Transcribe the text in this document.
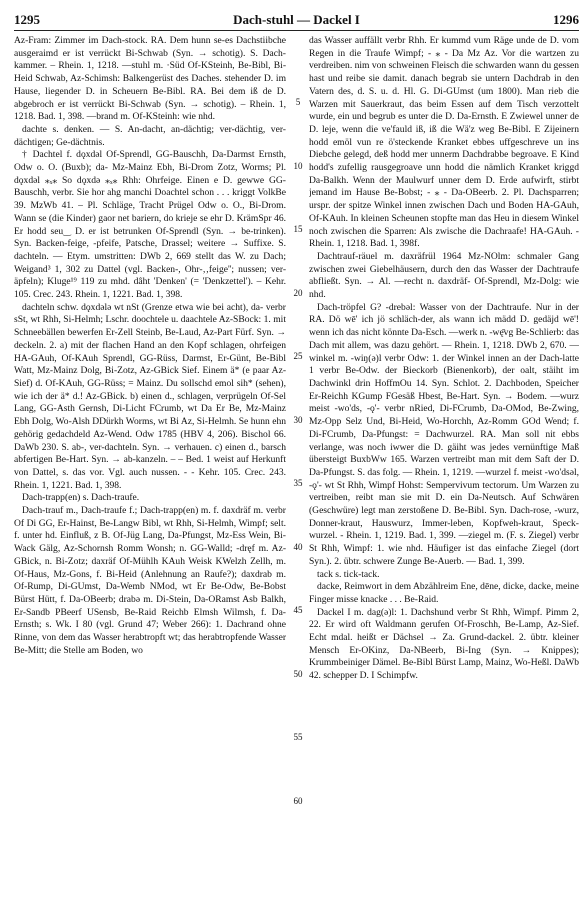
1295	Dach-stuhl — Dackel I	1296

Az-Fram: Zimmer im Dach-stock. RA. Dem hunn se-es Dachstiibche ausgeraimd er ist verrückt Bi-Schwab (Syn. → schotig). S. Dach-kammer. – Rhein. 1, 1218. —stuhl m. ·Süd Of-KSteinh, Be-Bibl, Bi-Heid Schwab, Az-Schimsh: Balkengerüst des Daches. stehender D. im Hause, liegender D. in Scheuern Be-Bibl. RA. Bei dem iß de D. abgebroch er ist verrückt Bi-Schwab (Syn. → schotig). – Rhein. 1, 1218. Bad. 1, 398. —brand m. Of-KSteinh: wie nhd.

dachte s. denken. — S. An-dacht, an-dächtig; ver-dächtig, ver-dächtigen; Ge-dächtnis.

† Dachtel f. dǫxdǝl Of-Sprendl, GG-Bauschh, Da-Darmst Ernsth, Odw o. O. (Buxb); da- Mz-Mainz Ebh, Bi-Drom Zotz, Worms; Pl. dǫxdǝl ⁎ₓ⁎ So dǫxdǝ ⁎ₓ⁎ Rhh: Ohrfeige. Einen e D. gewwe GG-Bauschh, verbr. Sie hor ahg manchi Doachtel schon . . . kriggt VolkBe 39. MzWb 41. – Pl. Schläge, Tracht Prügel Odw o. O., Bi-Drom. Wann se (die Kinder) gaor net bariern, do krieje se ehr D. KrämSpr 46. Er hodd seu‿ D. er ist betrunken Of-Sprendl (Syn. → be-trinken). Syn. Backen-feige, -pfeife, Patsche, Drassel; weitere → Suffixe. S. dachteln. — Etym. umstritten: DWb 2, 669 stellt das W. zu Dach; Weigand³ 1, 302 zu Dattel (vgl. Backen-, Ohr-‚‚feige''; nussen; ver-äpfeln); Kluge¹⁹ 119 zu mhd. dâht 'Denken' (= 'Denkzettel'). – Kehr. 105. Crec. 243. Rhein. 1, 1221. Bad. 1, 398.

dachteln schw. dǫxdǝlǝ wt nSt (Grenze etwa wie bei acht), da- verbr sSt, wt Rhh, Si-Helmh; Lschr. doochtele u. daachtele Az-SBock: 1. mit Schneebällen bewerfen Er-Zell Steinb, Be-Laud, Az-Part Fürf. Syn. → deckeln. 2. a) mit der flachen Hand an den Kopf schlagen, ohrfeigen HA-GAuh, Of-KAuh Sprendl, GG-Rüss, Darmst, Er-Günt, Be-Bibl Watt, Mz-Mainz Dolg, Bi-Zotz, Az-GBick Sief. Einem ä* (e paar Az-Sief) d. Of-KAuh, GG-Rüss; = Mainz. Du sollschd emol sih* (sehen), wie ich der ä* d.! Az-GBick. b) einen d., schlagen, verprügeln Of-Sel Lang, GG-Asth Gernsh, Di-Licht FCrumb, wt Da Er Be, Mz-Mainz Ebh Dolg, Wo-Alsh DDürkh Worms, wt Bi Az, Si-Helmh. Se hunn ehn gehörig gedachdeld Az-Wend. Odw 1785 (HBV 4, 206). Bischol 66. DaWb 230. S. ab-, ver-dachteln. Syn. → verhauen. c) einen d., barsch abfertigen Be-Hart. Syn. → ab-kanzeln. – – Bed. 1 weist auf Herkunft von Dattel, s. das vor. Vgl. auch nussen. - - Kehr. 105. Crec. 243. Rhein. 1, 1221. Bad. 1, 398.

Dach-trapp(en) s. Dach-traufe.

Dach-trauf m., Dach-traufe f.; Dach-trapp(en) m. f. daxdräf m. verbr Of Di GG, Er-Hainst, Be-Langw Bibl, wt Rhh, Si-Helmh, Wimpf; selt. f. unter hd. Einfluß, z B. Of-Jüg Lang, Da-Pfungst, Mz-Ess Wein, Bi-Wack Gälg, Az-Schornsh Romm Wonsh; n. GG-Walld; -dręf m. Az-GBick, n. Bi-Zotz; daxräf Of-Mühlh KAuh Weisk KWelzh Zellh, m. Of-Haus, Mz-Gons, f. Bi-Heid (Anlehnung an Raufe?); daxdrab m. Of-Rump, Di-GUmst, Da-Wemb NMod, wt Er Be-Odw, Be-Bobst Bürst Hütt, f. Da-OBeerb; drabǝ m. Di-Stein, Da-ORamst Asb Balkh, Er-Sandb PBeerf USensb, Be-Raid Reichb Elmsh Wilmsh, f. Da-Ernsth; s. Wk. I 80 (vgl. Grund 47; Weber 266): 1. Dachrand ohne Rinne, von dem das Wasser herabtropft wt; das herabtropfende Wasser Be-Mitt; die Stelle am Boden, wo

5
10
15
20
25
30
35
40
45
50
55
60

das Wasser auffällt verbr Rhh. Er kummd vum Räge unde de D. vom Regen in die Traufe Wimpf; - ⁎ - Da Mz Az. Vor die wartzen zu verdreiben. nim von schweinen Fleisch die schwarden wann du gessen hast und reibe sie damit. danach begrab sie untern Dachdrab in den Vatern des, d. S. u. d. Hl. G. Di-GUmst (um 1800). Man rieb die Warzen mit Sauerkraut, das beim Essen auf dem Tisch verzottelt wurde, ein und begrub es unter die D. Da-Ernsth. E Zwiewel unner de D. leje, wenn die ve'fauld iß, iß die Wä'z weg Be-Bibl. E Zijeinern hodd emöl vun re ö'steckende Kranket ebbes uffgeschreve un ins Diebche gelegd, deß hodd mer unnerm Dachdrabbe begroave. E Kind hodd's zufellig rausgegroave unn hodd die nämlich Kranket kriggd Da-Balkh. Wenn der Maulwurf unner dem D. Erde aufwirft, stirbt jemand im Hause Be-Bobst; - ⁎ - Da-OBeerb. 2. Pl. Dachsparren; urspr. der spitze Winkel innen zwischen Dach und Boden HA-GAuh, Of-KAuh. In kleinen Scheunen stopfte man das Heu in diesem Winkel noch zwischen die Sparren: Als zwische die Dachraafe! HA-GAuh. - Rhein. 1, 1218. Bad. 1, 398f.

Dachtrauf-räuel m. daxräfrül 1964 Mz-NOlm: schmaler Gang zwischen zwei Giebelhäusern, durch den das Wasser der Dachtraufe abfließt. Syn. → Al. —recht n. daxdräf- Of-Sprendl, Mz-Dolg: wie nhd.

Dach-tröpfel G? -drebǝl: Wasser von der Dachtraufe. Nur in der RA. Dö wē' ich jö schläch‑der, als wann ich mädd D. gedäjd wē'! wenn ich das nicht könnte Da-Esch. —werk n. -wę̄vg Be-Schlierb: das Dach mit allem, was dazu gehört. — Rhein. 1, 1218. DWb 2, 670. —winkel m. -wiŋ(ǝ)l verbr Odw: 1. der Winkel innen an der Dach-latte 1 verbr Be-Odw. der Bieckorb (Bienenkorb), der oalt, stäiht im Dachwinkl drin HoffmOu 14. Syn. Schlot. 2. Dachboden, Speicher Er-Reichh KGump FGesäß Hbest, Be-Hart. Syn. → Bodem. —wurz meist -wo'ds, -ǫ'- verbr nRied, Di-FCrumb, Da-OMod, Be-Zwing, Mz-Opp Selz Und, Bi-Heid, Wo-Horchh, Az-Romm GOd Wend; f. Di-FCrumb, Da-Pfungst: = Dachwurzel. RA. Man soll nit ebbs verlange, was noch iwwer die D. gäiht was jedes vernünftige Maß übersteigt BuxbWw 165. Warzen vertreibt man mit dem Saft der D. Da-Pfungst. S. das folg. — Rhein. 1, 1219. —wurzel f. meist -wo'dsǝl, -ǫ'- wt St Rhh, Wimpf Hohst: Sempervivum tectorum. Um Warzen zu vertreiben, reibt man sie mit D. ein Da-Neutsch. Auf Schwären (Geschwüre) legt man zerstoßene D. Be-Bibl. Syn. Dach-rose, -wurz, Donner-kraut, Hauswurz, Immer-leben, Kopfweh-kraut, Speck-wurzel. - Rhein. 1, 1219. Bad. 1, 399. —ziegel m. (F. s. Ziegel) verbr St Rhh, Wimpf: 1. wie nhd. Häufiger ist das einfache Ziegel (dort Syn.). 2. übtr. schwere Zunge Be-Auerb. — Bad. 1, 399.

tack s. tick-tack.

dacke, Reimwort in dem Abzählreim Ene, dēne, dicke, dacke, meine Finger misse knacke . . . Be-Raid.

Dackel I m. dag(ǝ)l: 1. Dachshund verbr St Rhh, Wimpf. Pimm 2, 22. Er wird oft Waldmann gerufen Of-Froschh, Be-Lamp, Az-Sief. Echt mdal. heißt er Dächsel → Za. Grund-dackel. 2. übtr. kleiner Mensch Er-OKinz, Da-NBeerb, Bi-Ing (Syn. → Knippes); Krummbeiniger Dämel. Be-Bibl Bürst Lamp, Mainz, Wo-Heßl. DaWb 42. schepper D. I Schimpfw.
